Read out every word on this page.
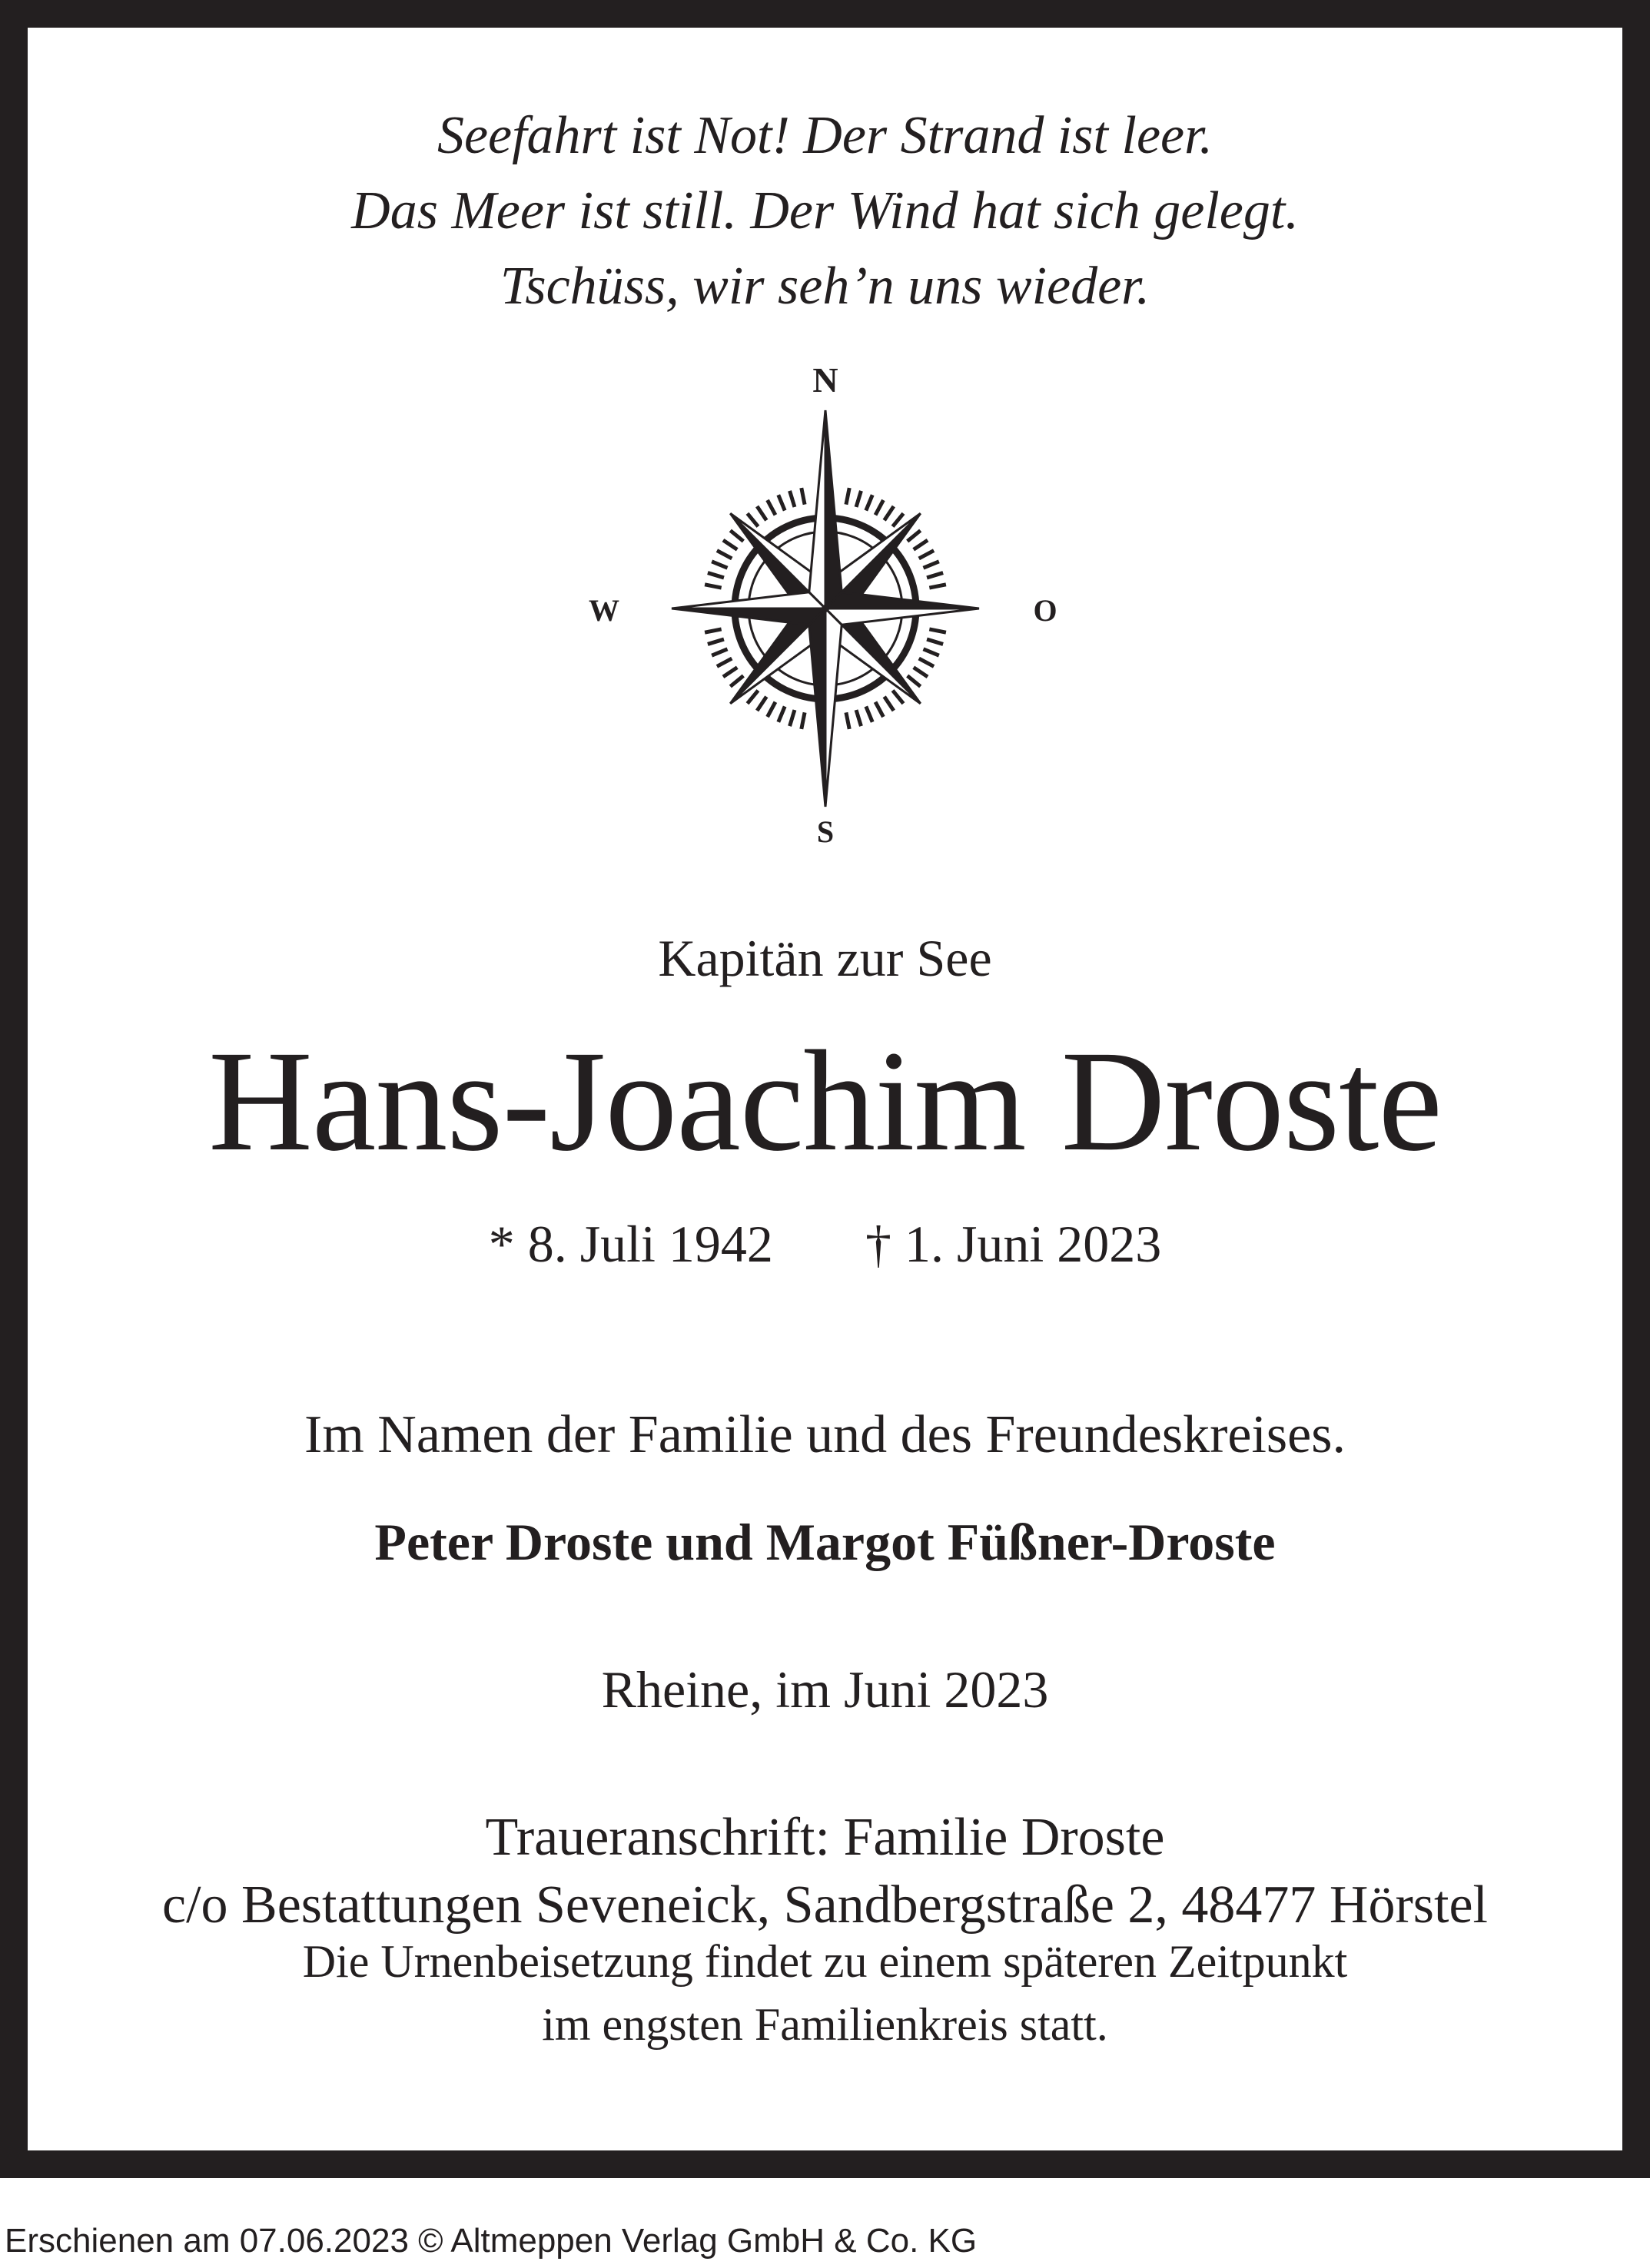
Seefahrt ist Not! Der Strand ist leer.
Das Meer ist still. Der Wind hat sich gelegt.
Tschüss, wir seh’n uns wieder.
N
W	O
S
Kapitän zur See
Hans-Joachim Droste
* 8. Juli 1942 † 1. Juni 2023
Im Namen der Familie und des Freundeskreises.
Peter Droste und Margot Füßner-Droste
Rheine, im Juni 2023
Traueranschrift: Familie Droste
c/o Bestattungen Seveneick, Sandbergstraße 2, 48477 Hörstel
Die Urnenbeisetzung findet zu einem späteren Zeitpunkt
im engsten Familienkreis statt.
Erschienen am 07.06.2023 © Altmeppen Verlag GmbH & Co. KG
